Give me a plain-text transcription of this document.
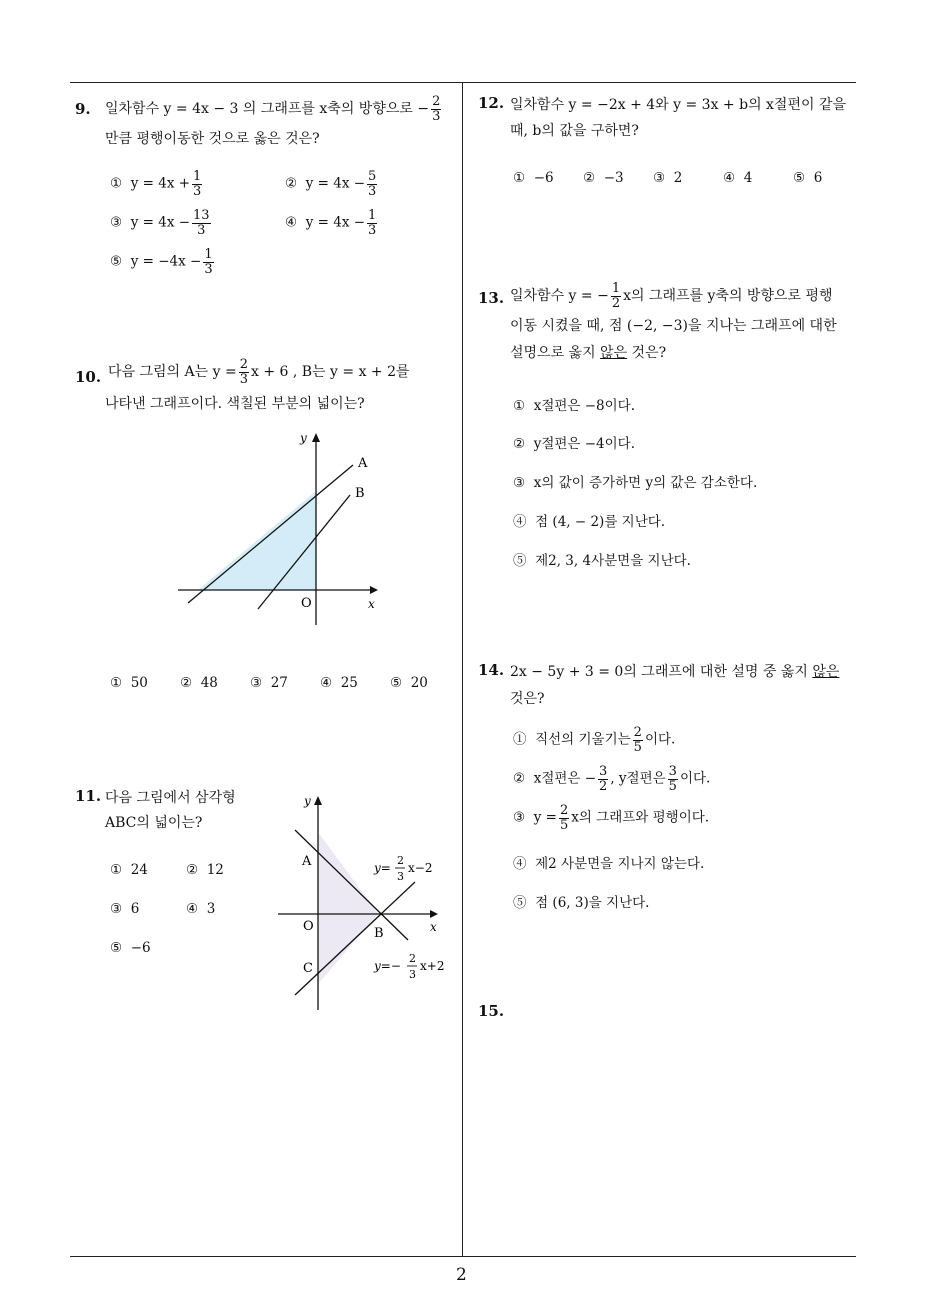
2
9. 일차함수 y = 4x − 3 의 그래프를 x축의 방향으로 − $\frac{2}{3}$
만큼 평행이동한 것으로 옳은 것은?
① $y = 4x + \frac{1}{3}$	② $y = 4x - \frac{5}{3}$
③ $y = 4x - \frac{13}{3}$	④ $y = 4x - \frac{1}{3}$
⑤ $y = -4x - \frac{1}{3}$
10. 다음 그림의 A는 $y = \frac{2}{3}$ x + 6 , B는 y = x + 2를
나타낸 그래프이다. 색칠된 부분의 넓이는?
y
x
O
A
B
① 50 ② 48 ③ 27 ④ 25 ⑤ 20
11. 다음 그림에서 삼각형
ABC의 넓이는?
① 24	② 12
③ 6	④ 3
⑤ −6
y
x
O
A
B
C
y=
2
3
x−2
y=−
2
3
x+2
12. 일차함수 y = −2x + 4와 y = 3x + b의 x절편이 같을
때, b의 값을 구하면?
① −6 ② −3 ③ 2	④ 4	⑤ 6
13. 일차함수 y = − $\frac{1}{2}$ x의 그래프를 y축의 방향으로 평행
이동 시켰을 때, 점 (−2, −3)을 지나는 그래프에 대한
설명으로 옳지 않은 것은?
① x절편은 −8이다.
② y절편은 −4이다.
③ x의 값이 증가하면 y의 값은 감소한다.
④ 점 (4, − 2)를 지난다.
⑤ 제2, 3, 4사분면을 지난다.
14. 2x − 5y + 3 = 0의 그래프에 대한 설명 중 옳지 않은
것은?
① 직선의 기울기는 $\frac{2}{5}$ 이다.
② x절편은 − $\frac{3}{2}$ , y절편은 $\frac{3}{5}$ 이다.
③ $y = \frac{2}{5}$ x의 그래프와 평행이다.
④ 제2 사분면을 지나지 않는다.
⑤ 점 (6, 3)을 지난다.
15.
